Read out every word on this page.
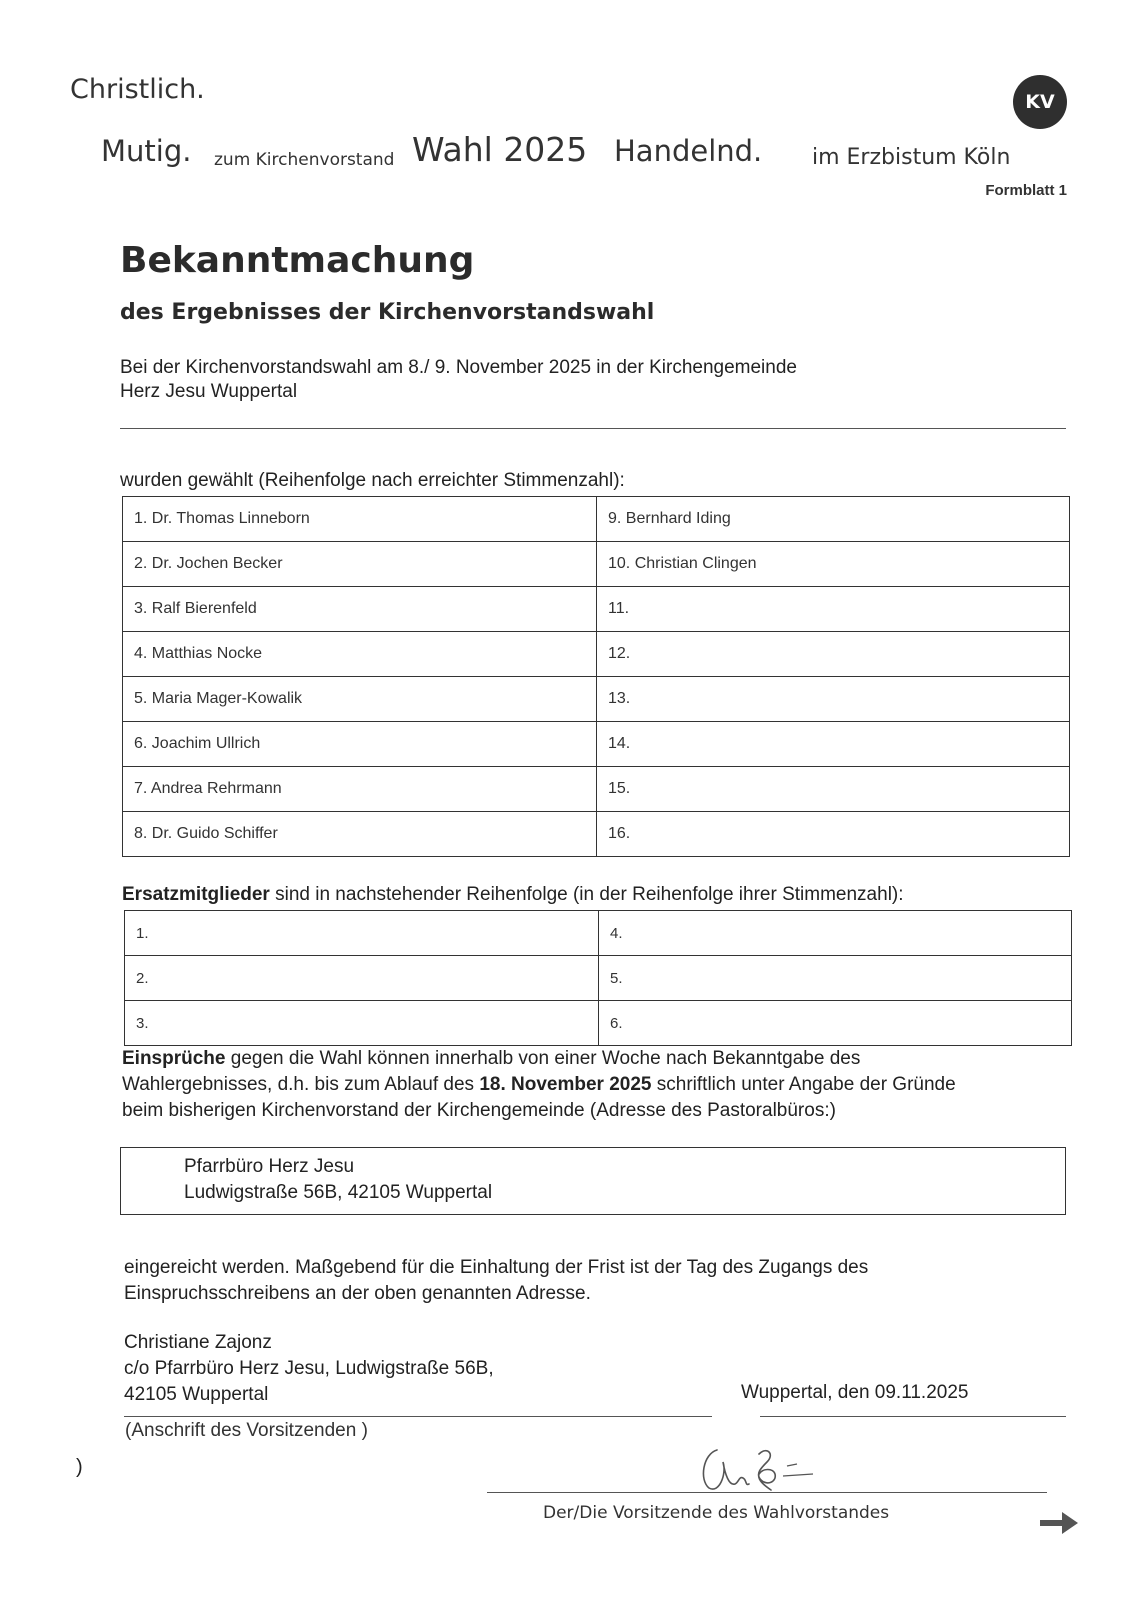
Christlich.
Mutig. zum Kirchenvorstand Wahl 2025 Handelnd. im Erzbistum Köln
KV
Formblatt 1
Bekanntmachung
des Ergebnisses der Kirchenvorstandswahl
Bei der Kirchenvorstandswahl am 8./ 9. November 2025 in der Kirchengemeinde
Herz Jesu Wuppertal
wurden gewählt (Reihenfolge nach erreichter Stimmenzahl):
1. Dr. Thomas Linneborn	9. Bernhard Iding
2. Dr. Jochen Becker	10. Christian Clingen
3. Ralf Bierenfeld	11.
4. Matthias Nocke	12.
5. Maria Mager-Kowalik	13.
6. Joachim Ullrich	14.
7. Andrea Rehrmann	15.
8. Dr. Guido Schiffer	16.
Ersatzmitglieder sind in nachstehender Reihenfolge (in der Reihenfolge ihrer Stimmenzahl):
1.	4.
2.	5.
3.	6.
Einsprüche gegen die Wahl können innerhalb von einer Woche nach Bekanntgabe des
Wahlergebnisses, d.h. bis zum Ablauf des 18. November 2025 schriftlich unter Angabe der Gründe
beim bisherigen Kirchenvorstand der Kirchengemeinde (Adresse des Pastoralbüros:)
Pfarrbüro Herz Jesu
Ludwigstraße 56B, 42105 Wuppertal
eingereicht werden. Maßgebend für die Einhaltung der Frist ist der Tag des Zugangs des
Einspruchsschreibens an der oben genannten Adresse.
Christiane Zajonz
c/o Pfarrbüro Herz Jesu, Ludwigstraße 56B,
42105 Wuppertal	Wuppertal, den 09.11.2025
(Anschrift des Vorsitzenden )
)
Der/Die Vorsitzende des Wahlvorstandes
